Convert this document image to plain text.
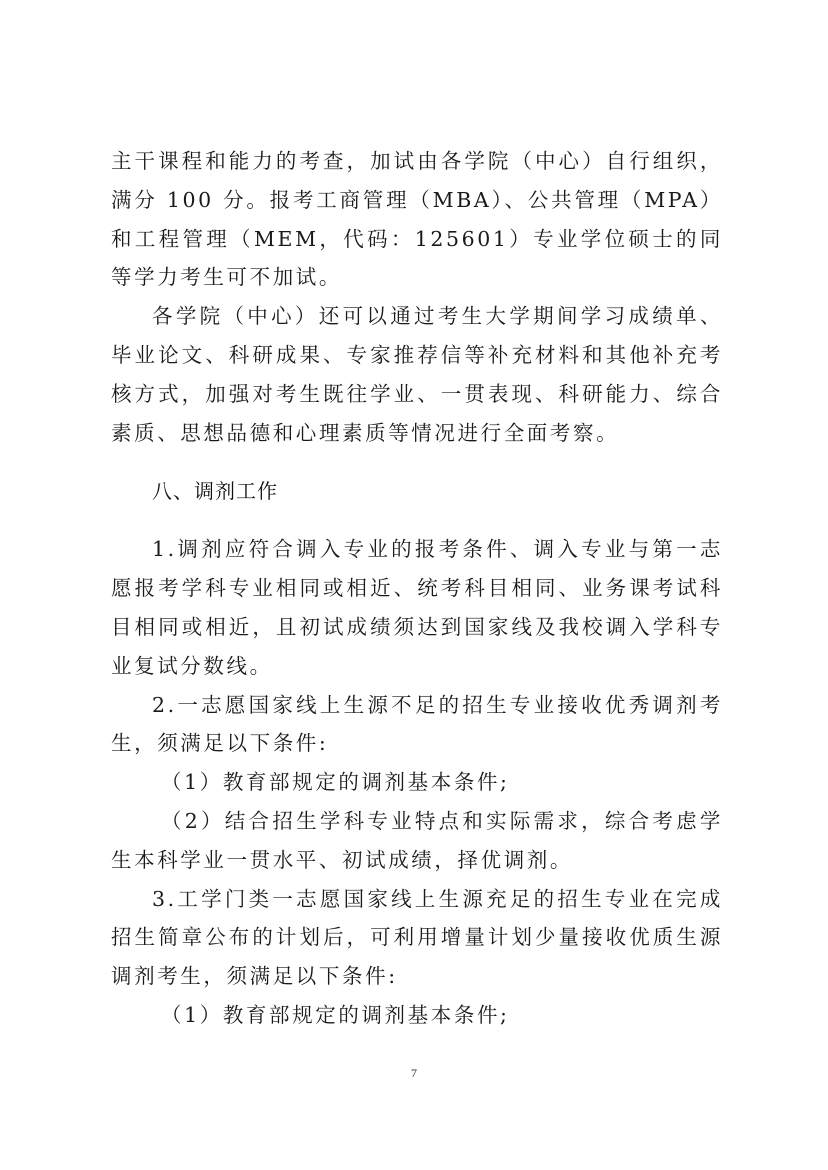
主干课程和能力的考查，加试由各学院（中心）自行组织，满分 100 分。报考工商管理（MBA）、公共管理（MPA）和工程管理（MEM，代码：125601）专业学位硕士的同等学力考生可不加试。

各学院（中心）还可以通过考生大学期间学习成绩单、毕业论文、科研成果、专家推荐信等补充材料和其他补充考核方式，加强对考生既往学业、一贯表现、科研能力、综合素质、思想品德和心理素质等情况进行全面考察。

八、调剂工作

1.调剂应符合调入专业的报考条件、调入专业与第一志愿报考学科专业相同或相近、统考科目相同、业务课考试科目相同或相近，且初试成绩须达到国家线及我校调入学科专业复试分数线。

2.一志愿国家线上生源不足的招生专业接收优秀调剂考生，须满足以下条件:

（1）教育部规定的调剂基本条件;

（2）结合招生学科专业特点和实际需求，综合考虑学生本科学业一贯水平、初试成绩，择优调剂。

3.工学门类一志愿国家线上生源充足的招生专业在完成招生简章公布的计划后，可利用增量计划少量接收优质生源调剂考生，须满足以下条件:

（1）教育部规定的调剂基本条件;

7
